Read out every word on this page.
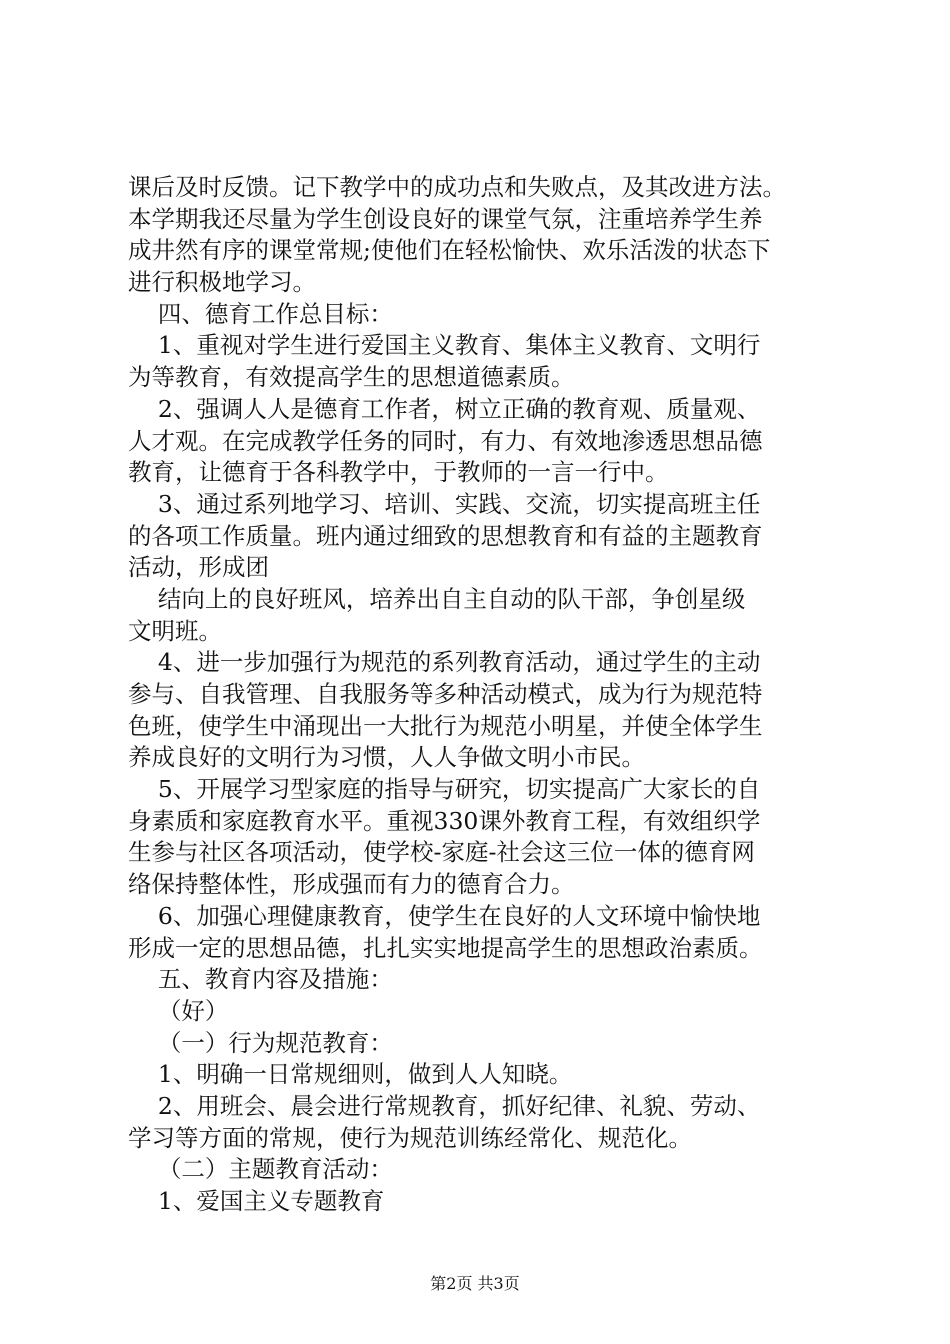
课后及时反馈。记下教学中的成功点和失败点，及其改进方法。
本学期我还尽量为学生创设良好的课堂气氛，注重培养学生养
成井然有序的课堂常规;使他们在轻松愉快、欢乐活泼的状态下
进行积极地学习。
四、德育工作总目标：
1、重视对学生进行爱国主义教育、集体主义教育、文明行
为等教育，有效提高学生的思想道德素质。
2、强调人人是德育工作者，树立正确的教育观、质量观、
人才观。在完成教学任务的同时，有力、有效地渗透思想品德
教育，让德育于各科教学中，于教师的一言一行中。
3、通过系列地学习、培训、实践、交流，切实提高班主任
的各项工作质量。班内通过细致的思想教育和有益的主题教育
活动，形成团
结向上的良好班风，培养出自主自动的队干部，争创星级
文明班。
4、进一步加强行为规范的系列教育活动，通过学生的主动
参与、自我管理、自我服务等多种活动模式，成为行为规范特
色班，使学生中涌现出一大批行为规范小明星，并使全体学生
养成良好的文明行为习惯，人人争做文明小市民。
5、开展学习型家庭的指导与研究，切实提高广大家长的自
身素质和家庭教育水平。重视330课外教育工程，有效组织学
生参与社区各项活动，使学校-家庭-社会这三位一体的德育网
络保持整体性，形成强而有力的德育合力。
6、加强心理健康教育，使学生在良好的人文环境中愉快地
形成一定的思想品德，扎扎实实地提高学生的思想政治素质。
五、教育内容及措施：
（好）
（一）行为规范教育：
1、明确一日常规细则，做到人人知晓。
2、用班会、晨会进行常规教育，抓好纪律、礼貌、劳动、
学习等方面的常规，使行为规范训练经常化、规范化。
（二）主题教育活动：
1、爱国主义专题教育
第2页 共3页
